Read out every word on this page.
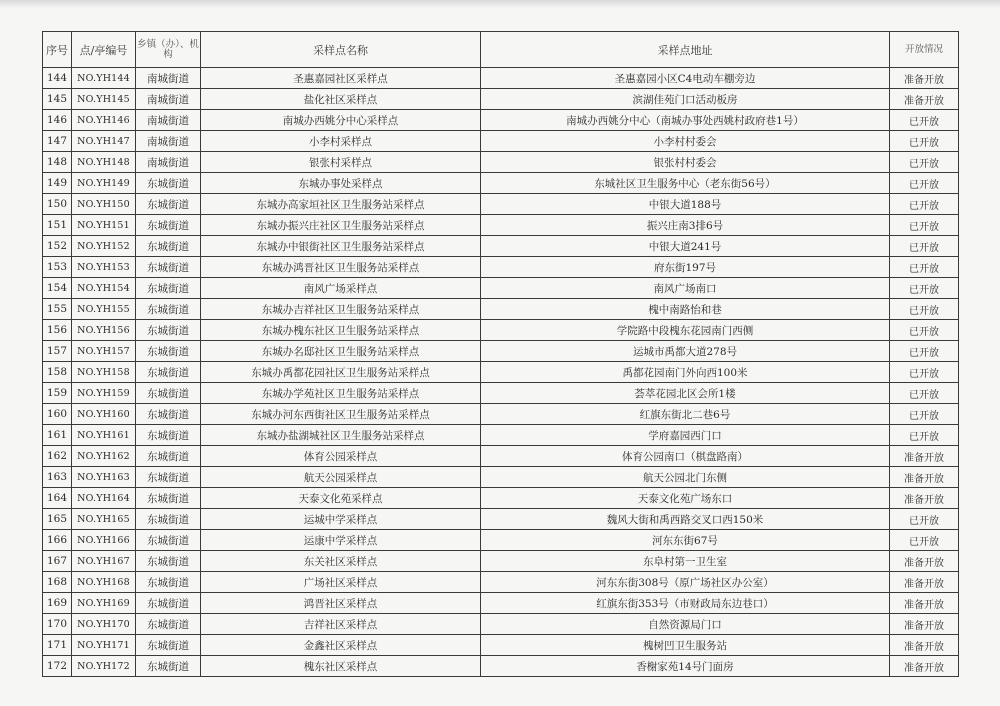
序号	点/亭编号	乡镇（办）、机构	采样点名称	采样点地址	开放情况
144	NO.YH144	南城街道	圣惠嘉园社区采样点	圣惠嘉园小区C4电动车棚旁边	准备开放
145	NO.YH145	南城街道	盐化社区采样点	滨湖佳苑门口活动板房	准备开放
146	NO.YH146	南城街道	南城办西姚分中心采样点	南城办西姚分中心（南城办事处西姚村政府巷1号）	已开放
147	NO.YH147	南城街道	小李村采样点	小李村村委会	已开放
148	NO.YH148	南城街道	银张村采样点	银张村村委会	已开放
149	NO.YH149	东城街道	东城办事处采样点	东城社区卫生服务中心（老东街56号）	已开放
150	NO.YH150	东城街道	东城办高家垣社区卫生服务站采样点	中银大道188号	已开放
151	NO.YH151	东城街道	东城办振兴庄社区卫生服务站采样点	振兴庄南3排6号	已开放
152	NO.YH152	东城街道	东城办中银街社区卫生服务站采样点	中银大道241号	已开放
153	NO.YH153	东城街道	东城办鸿晋社区卫生服务站采样点	府东街197号	已开放
154	NO.YH154	东城街道	南风广场采样点	南风广场南口	已开放
155	NO.YH155	东城街道	东城办吉祥社区卫生服务站采样点	槐中南路怡和巷	已开放
156	NO.YH156	东城街道	东城办槐东社区卫生服务站采样点	学院路中段槐东花园南门西侧	已开放
157	NO.YH157	东城街道	东城办名邸社区卫生服务站采样点	运城市禹都大道278号	已开放
158	NO.YH158	东城街道	东城办禹都花园社区卫生服务站采样点	禹都花园南门外向西100米	已开放
159	NO.YH159	东城街道	东城办学苑社区卫生服务站采样点	荟萃花园北区会所1楼	已开放
160	NO.YH160	东城街道	东城办河东西街社区卫生服务站采样点	红旗东街北二巷6号	已开放
161	NO.YH161	东城街道	东城办盐湖城社区卫生服务站采样点	学府嘉园西门口	已开放
162	NO.YH162	东城街道	体育公园采样点	体育公园南口（棋盘路南）	准备开放
163	NO.YH163	东城街道	航天公园采样点	航天公园北门东侧	准备开放
164	NO.YH164	东城街道	天泰文化苑采样点	天泰文化苑广场东口	准备开放
165	NO.YH165	东城街道	运城中学采样点	魏风大街和禹西路交叉口西150米	已开放
166	NO.YH166	东城街道	运康中学采样点	河东东街67号	已开放
167	NO.YH167	东城街道	东关社区采样点	东阜村第一卫生室	准备开放
168	NO.YH168	东城街道	广场社区采样点	河东东街308号（原广场社区办公室）	准备开放
169	NO.YH169	东城街道	鸿晋社区采样点	红旗东街353号（市财政局东边巷口）	准备开放
170	NO.YH170	东城街道	吉祥社区采样点	自然资源局门口	准备开放
171	NO.YH171	东城街道	金鑫社区采样点	槐树凹卫生服务站	准备开放
172	NO.YH172	东城街道	槐东社区采样点	香榭家苑14号门面房	准备开放
